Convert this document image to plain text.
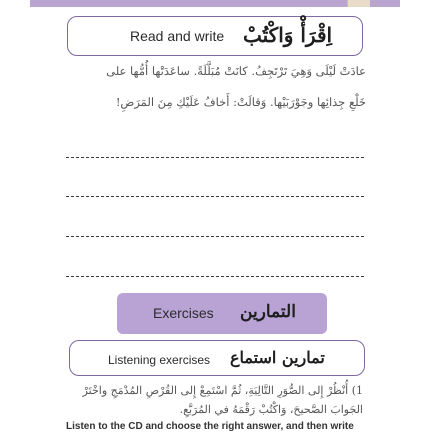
Read and write اِقْرَأْ وَاكْتُبْ
عادَتْ لَيْلَى وَهِيَ تَرْتَجِفُ. كانَتْ مُبَلَّلَةً. ساعَدَتْها أُمُّها على
خَلْعِ جِذائِها وجَوْرَبَيْها. وَقالَتْ: أَخافُ عَلَيْكِ مِنَ المَرَضِ!
Exercises التمارين
Listening exercises تمارين استماع
1) أُنْظُرْ إِلى الصُّوَرِ التَّالِيَةِ، ثُمَّ اسْتَمِعْ إِلى القُرْصِ المُدْمَجِ واخْتَرْ
الجَوابَ الصَّحيحَ، وَاكْتُبْ رَقْمَهُ في المُرَبَّعِ.
Listen to the CD and choose the right answer, and then write
